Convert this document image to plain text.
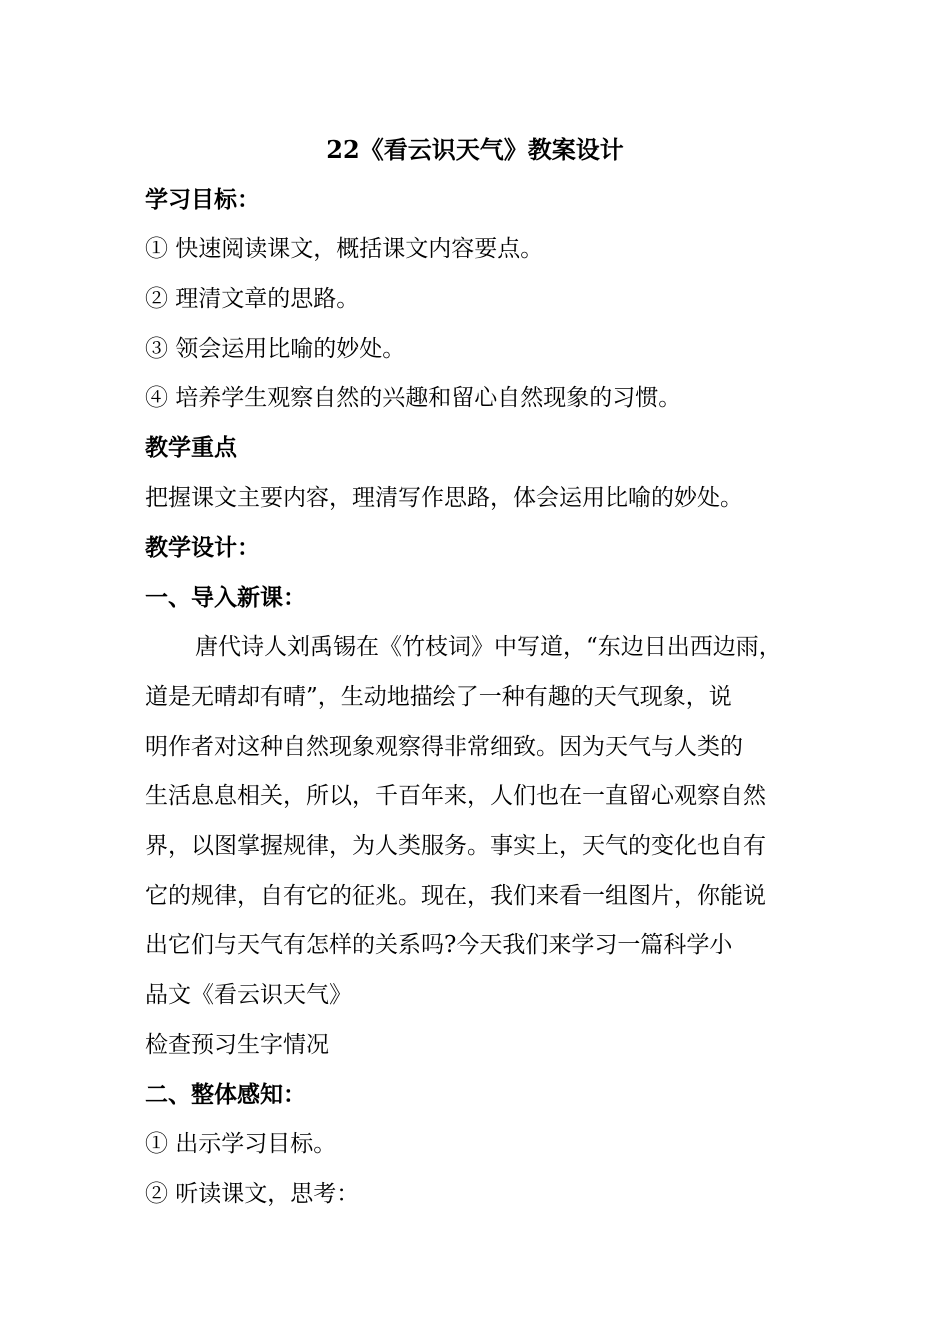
22《看云识天气》教案设计

学习目标：

① 快速阅读课文，概括课文内容要点。

② 理清文章的思路。

③ 领会运用比喻的妙处。

④ 培养学生观察自然的兴趣和留心自然现象的习惯。

教学重点

把握课文主要内容，理清写作思路，体会运用比喻的妙处。

教学设计：

一、导入新课：

唐代诗人刘禹锡在《竹枝词》中写道，“东边日出西边雨，

道是无晴却有晴”，生动地描绘了一种有趣的天气现象，说

明作者对这种自然现象观察得非常细致。因为天气与人类的

生活息息相关，所以，千百年来，人们也在一直留心观察自然

界，以图掌握规律，为人类服务。事实上，天气的变化也自有

它的规律，自有它的征兆。现在，我们来看一组图片，你能说

出它们与天气有怎样的关系吗?今天我们来学习一篇科学小

品文《看云识天气》

检查预习生字情况

二、整体感知：

① 出示学习目标。

② 听读课文，思考：
